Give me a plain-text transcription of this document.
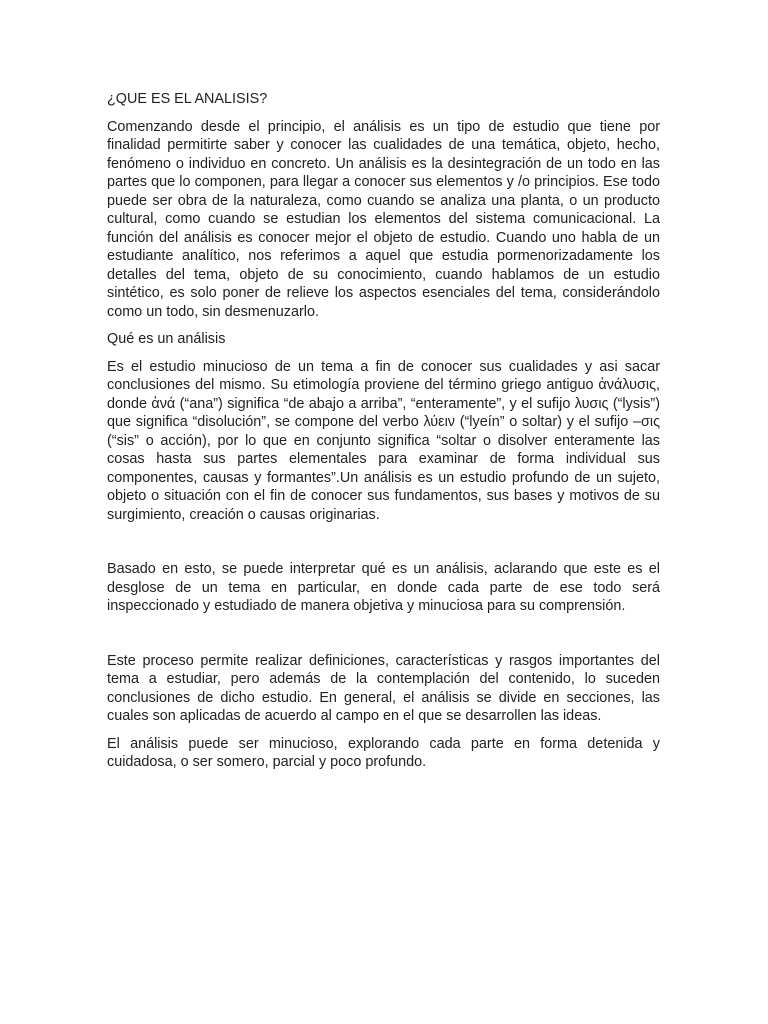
¿QUE ES EL ANALISIS?

Comenzando desde el principio, el análisis es un tipo de estudio que tiene por finalidad permitirte saber y conocer las cualidades de una temática, objeto, hecho, fenómeno o individuo en concreto. Un análisis es la desintegración de un todo en las partes que lo componen, para llegar a conocer sus elementos y /o principios. Ese todo puede ser obra de la naturaleza, como cuando se analiza una planta, o un producto cultural, como cuando se estudian los elementos del sistema comunicacional. La función del análisis es conocer mejor el objeto de estudio. Cuando uno habla de un estudiante analítico, nos referimos a aquel que estudia pormenorizadamente los detalles del tema, objeto de su conocimiento, cuando hablamos de un estudio sintético, es solo poner de relieve los aspectos esenciales del tema, considerándolo como un todo, sin desmenuzarlo.

Qué es un análisis

Es el estudio minucioso de un tema a fin de conocer sus cualidades y asi sacar conclusiones del mismo. Su etimología proviene del término griego antiguo ἀνάλυσις, donde ἀνά (“ana”) significa “de abajo a arriba”, “enteramente”, y el sufijo λυσις (“lysis”) que significa “disolución”, se compone del verbo λύειν (“lyeín” o soltar) y el sufijo –σις (“sis” o acción), por lo que en conjunto significa “soltar o disolver enteramente las cosas hasta sus partes elementales para examinar de forma individual sus componentes, causas y formantes”.Un análisis es un estudio profundo de un sujeto, objeto o situación con el fin de conocer sus fundamentos, sus bases y motivos de su surgimiento, creación o causas originarias.

Basado en esto, se puede interpretar qué es un análisis, aclarando que este es el desglose de un tema en particular, en donde cada parte de ese todo será inspeccionado y estudiado de manera objetiva y minuciosa para su comprensión.

Este proceso permite realizar definiciones, características y rasgos importantes del tema a estudiar, pero además de la contemplación del contenido, lo suceden conclusiones de dicho estudio. En general, el análisis se divide en secciones, las cuales son aplicadas de acuerdo al campo en el que se desarrollen las ideas.

El análisis puede ser minucioso, explorando cada parte en forma detenida y cuidadosa, o ser somero, parcial y poco profundo.
